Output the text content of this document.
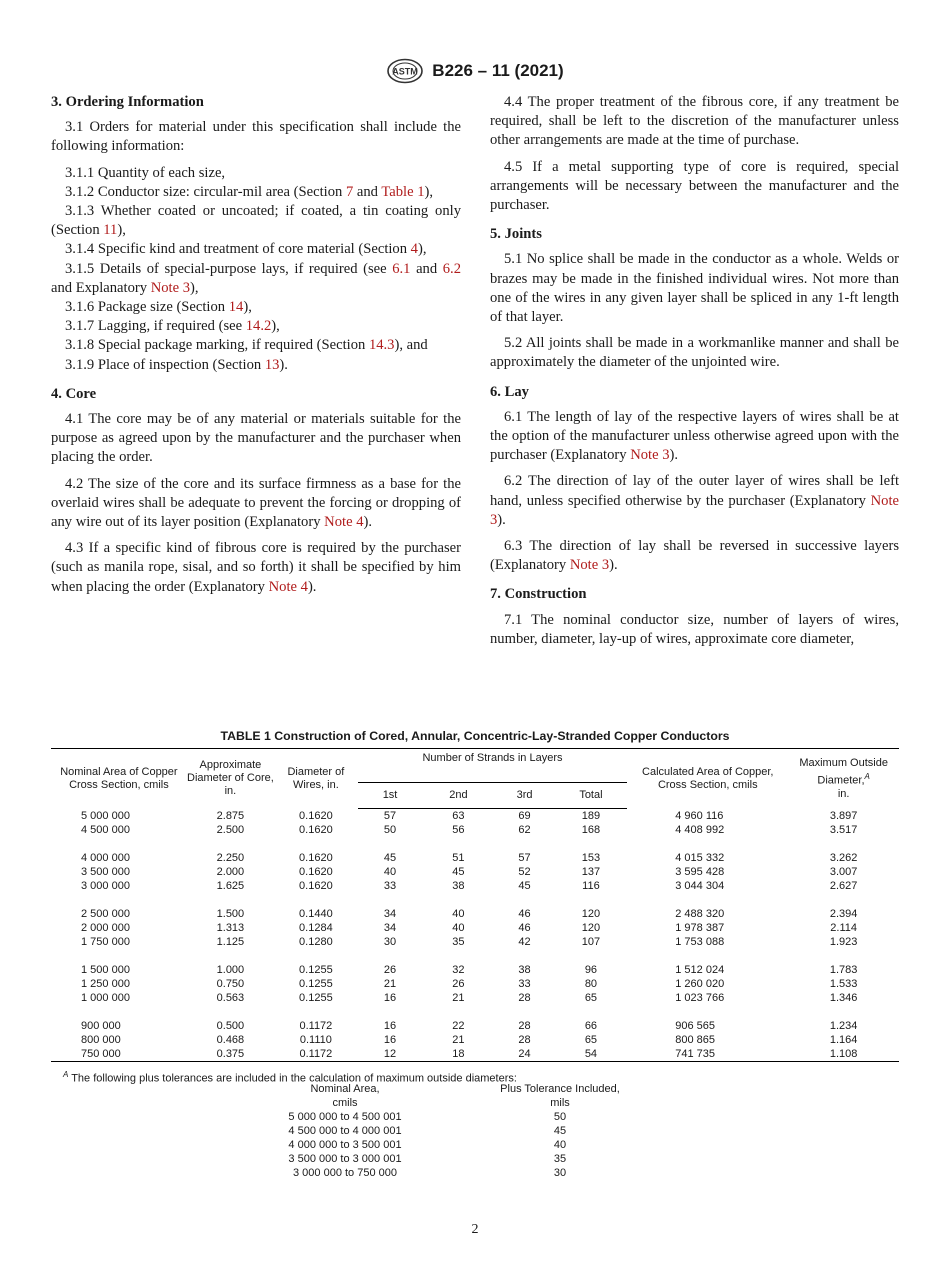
ASTM B226 – 11 (2021)
3. Ordering Information

3.1 Orders for material under this specification shall include the following information:

3.1.1 Quantity of each size,

3.1.2 Conductor size: circular-mil area (Section 7 and Table 1),

3.1.3 Whether coated or uncoated; if coated, a tin coating only (Section 11),

3.1.4 Specific kind and treatment of core material (Section 4),

3.1.5 Details of special-purpose lays, if required (see 6.1 and 6.2 and Explanatory Note 3),

3.1.6 Package size (Section 14),

3.1.7 Lagging, if required (see 14.2),

3.1.8 Special package marking, if required (Section 14.3), and

3.1.9 Place of inspection (Section 13).

4. Core

4.1 The core may be of any material or materials suitable for the purpose as agreed upon by the manufacturer and the purchaser when placing the order.

4.2 The size of the core and its surface firmness as a base for the overlaid wires shall be adequate to prevent the forcing or dropping of any wire out of its layer position (Explanatory Note 4).

4.3 If a specific kind of fibrous core is required by the purchaser (such as manila rope, sisal, and so forth) it shall be specified by him when placing the order (Explanatory Note 4).

4.4 The proper treatment of the fibrous core, if any treatment be required, shall be left to the discretion of the manufacturer unless other arrangements are made at the time of purchase.

4.5 If a metal supporting type of core is required, special arrangements will be necessary between the manufacturer and the purchaser.

5. Joints

5.1 No splice shall be made in the conductor as a whole. Welds or brazes may be made in the finished individual wires. Not more than one of the wires in any given layer shall be spliced in any 1-ft length of that layer.

5.2 All joints shall be made in a workmanlike manner and shall be approximately the diameter of the unjointed wire.

6. Lay

6.1 The length of lay of the respective layers of wires shall be at the option of the manufacturer unless otherwise agreed upon with the purchaser (Explanatory Note 3).

6.2 The direction of lay of the outer layer of wires shall be left hand, unless specified otherwise by the purchaser (Explanatory Note 3).

6.3 The direction of lay shall be reversed in successive layers (Explanatory Note 3).

7. Construction

7.1 The nominal conductor size, number of layers of wires, number, diameter, lay-up of wires, approximate core diameter,

TABLE 1 Construction of Cored, Annular, Concentric-Lay-Stranded Copper Conductors
Nominal Area of Copper Cross Section, cmils	Approximate Diameter of Core, in.	Diameter of Wires, in.	Number of Strands in Layers				Calculated Area of Copper, Cross Section, cmils	Maximum Outside Diameter,$^A$
in.
			1st	2nd	3rd	Total		
5 000 000	2.875	0.1620	57	63	69	189	4 960 116	3.897
4 500 000	2.500	0.1620	50	56	62	168	4 408 992	3.517

4 000 000	2.250	0.1620	45	51	57	153	4 015 332	3.262
3 500 000	2.000	0.1620	40	45	52	137	3 595 428	3.007
3 000 000	1.625	0.1620	33	38	45	116	3 044 304	2.627

2 500 000	1.500	0.1440	34	40	46	120	2 488 320	2.394
2 000 000	1.313	0.1284	34	40	46	120	1 978 387	2.114
1 750 000	1.125	0.1280	30	35	42	107	1 753 088	1.923

1 500 000	1.000	0.1255	26	32	38	96	1 512 024	1.783
1 250 000	0.750	0.1255	21	26	33	80	1 260 020	1.533
1 000 000	0.563	0.1255	16	21	28	65	1 023 766	1.346

900 000	0.500	0.1172	16	22	28	66	906 565	1.234
800 000	0.468	0.1110	16	21	28	65	800 865	1.164
750 000	0.375	0.1172	12	18	24	54	741 735	1.108
$^A$ The following plus tolerances are included in the calculation of maximum outside diameters:
Nominal Area,	Plus Tolerance Included,
cmils	mils
5 000 000 to 4 500 001	50
4 500 000 to 4 000 001	45
4 000 000 to 3 500 001	40
3 500 000 to 3 000 001	35
3 000 000 to 750 000	30
2
